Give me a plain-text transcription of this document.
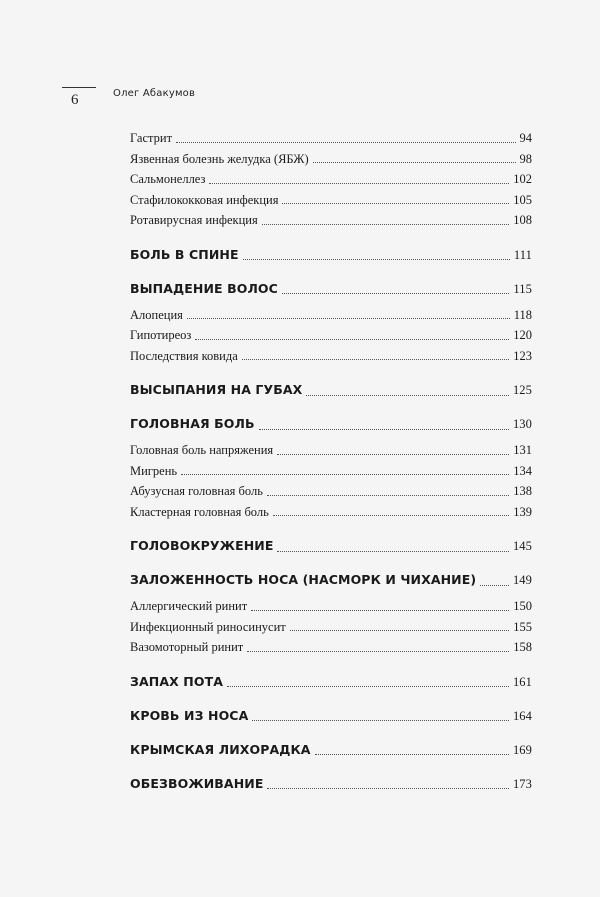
6	Олег Абакумов
Гастрит	94
Язвенная болезнь желудка (ЯБЖ)	98
Сальмонеллез	102
Стафилококковая инфекция	105
Ротавирусная инфекция	108
БОЛЬ В СПИНЕ	111
ВЫПАДЕНИЕ ВОЛОС	115
Алопеция	118
Гипотиреоз	120
Последствия ковида	123
ВЫСЫПАНИЯ НА ГУБАХ	125
ГОЛОВНАЯ БОЛЬ	130
Головная боль напряжения	131
Мигрень	134
Абузусная головная боль	138
Кластерная головная боль	139
ГОЛОВОКРУЖЕНИЕ	145
ЗАЛОЖЕННОСТЬ НОСА (НАСМОРК И ЧИХАНИЕ)	149
Аллергический ринит	150
Инфекционный риносинусит	155
Вазомоторный ринит	158
ЗАПАХ ПОТА	161
КРОВЬ ИЗ НОСА	164
КРЫМСКАЯ ЛИХОРАДКА	169
ОБЕЗВОЖИВАНИЕ	173
